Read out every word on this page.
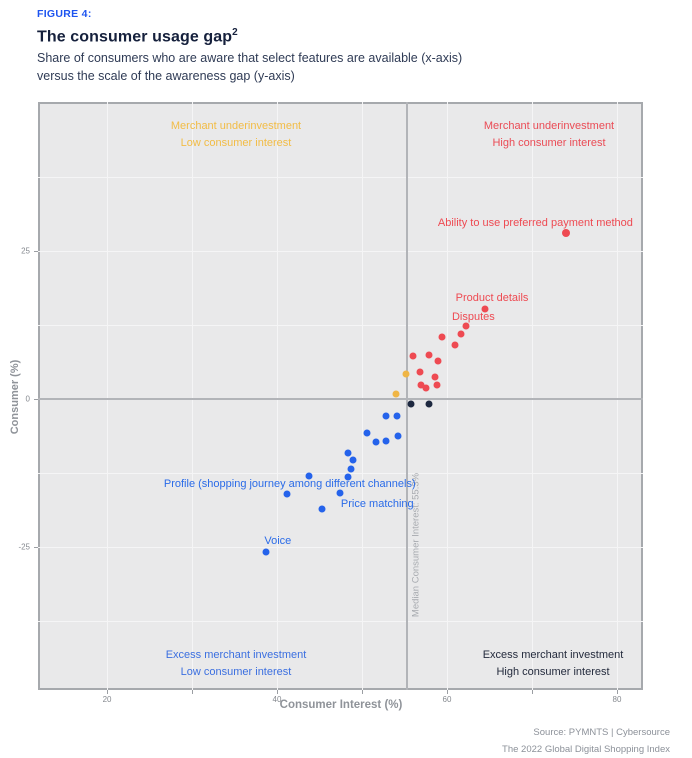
FIGURE 4:

The consumer usage gap$^2$

Share of consumers who are aware that select features are available (x-axis)
versus the scale of the awareness gap (y-axis)

Median Consumer Interest: 55.3%
20	40	60	80
25
0
-25
Consumer Interest (%)
Consumer (%)
Merchant underinvestment
Low consumer interest
Merchant underinvestment
High consumer interest
Excess merchant investment
Low consumer interest
Excess merchant investment
High consumer interest
Ability to use preferred payment method
Product details
Disputes
Profile (shopping journey among different channels)
Price matching
Voice
Source: PYMNTS | Cybersource
The 2022 Global Digital Shopping Index
